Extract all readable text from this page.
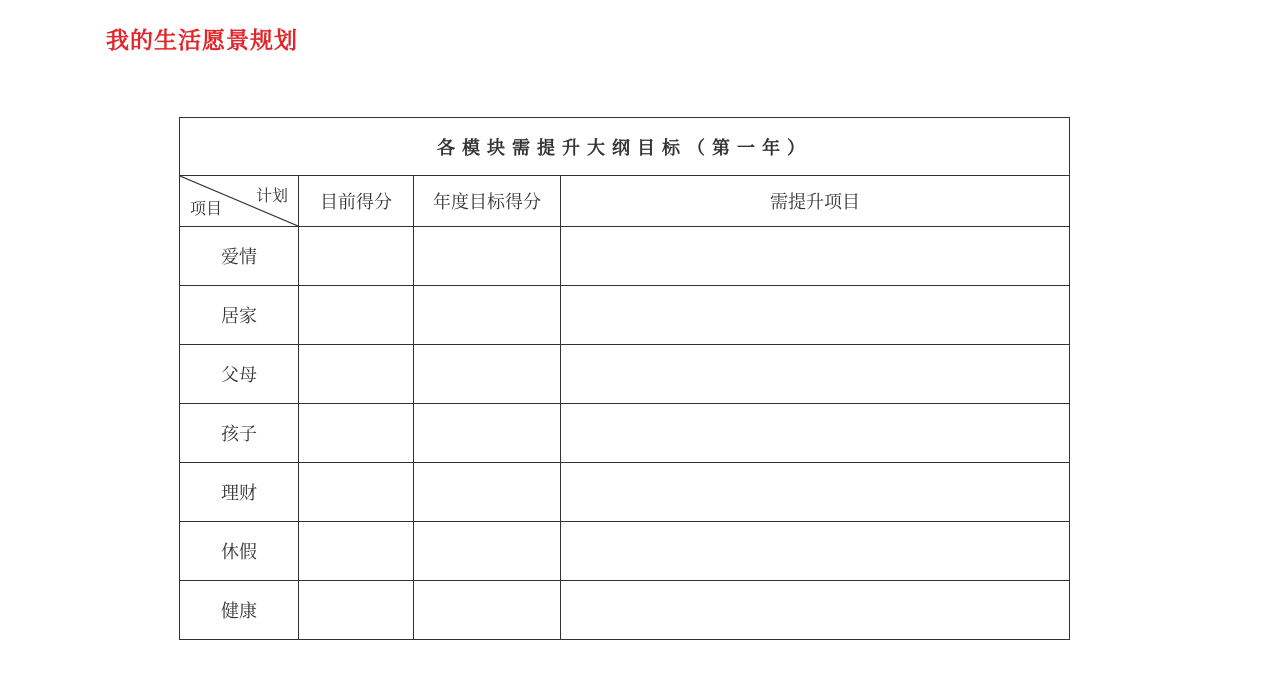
我的生活愿景规划
各模块需提升大纲目标（第一年）			

计划
项目	目前得分	年度目标得分	需提升项目
爱情			
居家			
父母			
孩子			
理财			
休假			
健康			
